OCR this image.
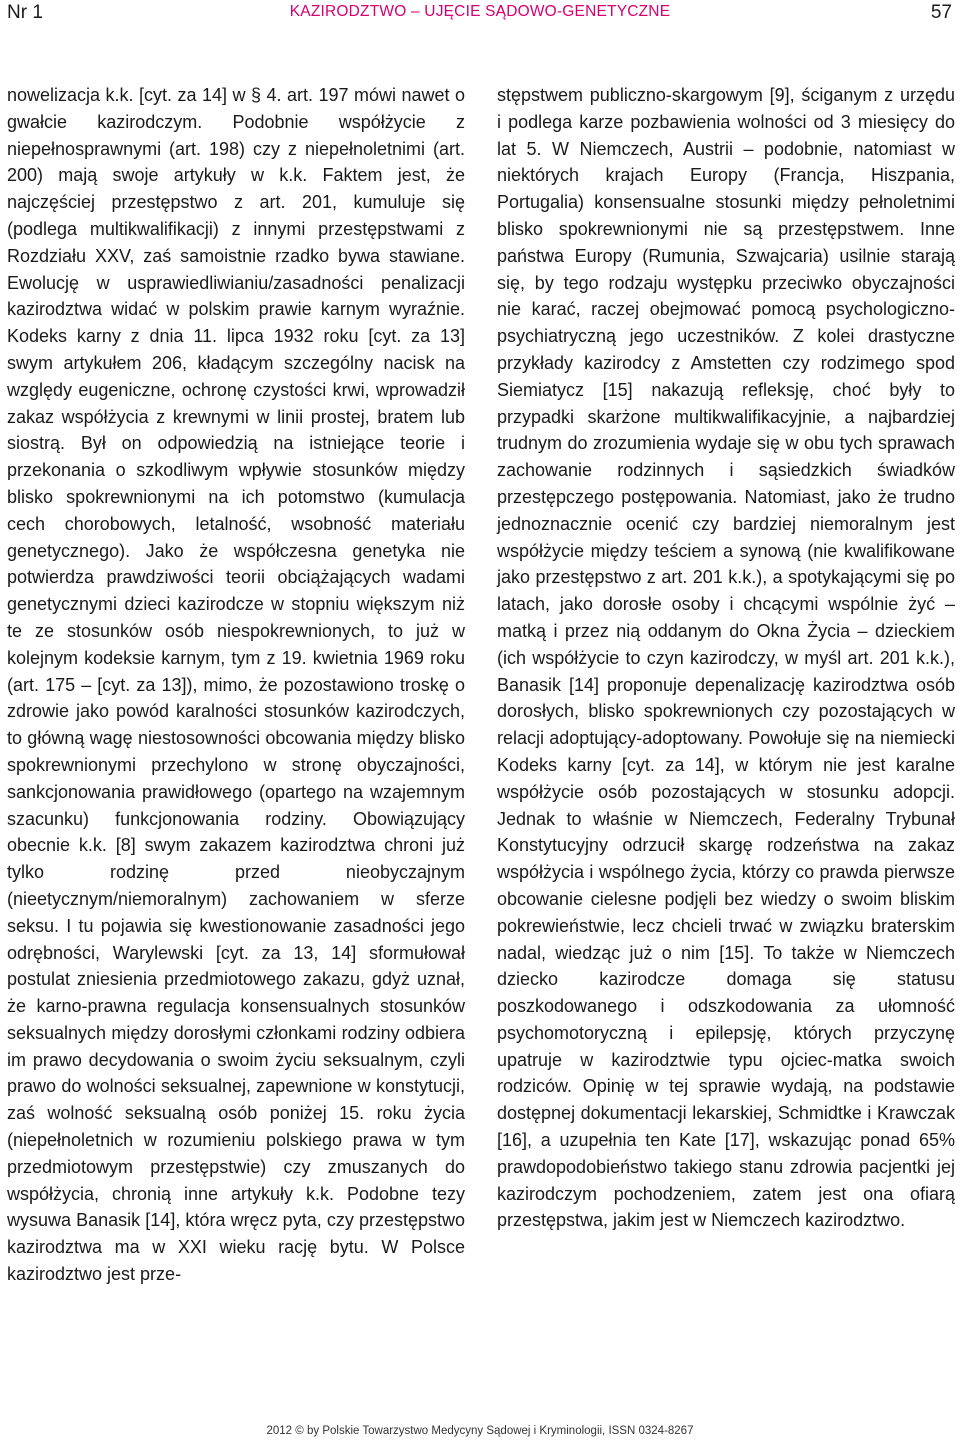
Nr 1	KAZIRODZTWO – UJĘCIE SĄDOWO-GENETYCZNE	57
nowelizacja k.k. [cyt. za 14] w § 4. art. 197 mówi nawet o gwałcie kazirodczym. Podobnie współżycie z niepełnosprawnymi (art. 198) czy z niepełnoletnimi (art. 200) mają swoje artykuły w k.k. Faktem jest, że najczęściej przestępstwo z art. 201, kumuluje się (podlega multikwalifikacji) z innymi przestępstwami z Rozdziału XXV, zaś samoistnie rzadko bywa stawiane. Ewolucję w usprawiedliwianiu/zasadności penalizacji kazirodztwa widać w polskim prawie karnym wyraźnie. Kodeks karny z dnia 11. lipca 1932 roku [cyt. za 13] swym artykułem 206, kładącym szczególny nacisk na względy eugeniczne, ochronę czystości krwi, wprowadził zakaz współżycia z krewnymi w linii prostej, bratem lub siostrą. Był on odpowiedzią na istniejące teorie i przekonania o szkodliwym wpływie stosunków między blisko spokrewnionymi na ich potomstwo (kumulacja cech chorobowych, letalność, wsobność materiału genetycznego). Jako że współczesna genetyka nie potwierdza prawdziwości teorii obciążających wadami genetycznymi dzieci kazirodcze w stopniu większym niż te ze stosunków osób niespokrewnionych, to już w kolejnym kodeksie karnym, tym z 19. kwietnia 1969 roku (art. 175 – [cyt. za 13]), mimo, że pozostawiono troskę o zdrowie jako powód karalności stosunków kazirodczych, to główną wagę niestosowności obcowania między blisko spokrewnionymi przechylono w stronę obyczajności, sankcjonowania prawidłowego (opartego na wzajemnym szacunku) funkcjonowania rodziny. Obowiązujący obecnie k.k. [8] swym zakazem kazirodztwa chroni już tylko rodzinę przed nieobyczajnym (nieetycznym/niemoralnym) zachowaniem w sferze seksu. I tu pojawia się kwestionowanie zasadności jego odrębności, Warylewski [cyt. za 13, 14] sformułował postulat zniesienia przedmiotowego zakazu, gdyż uznał, że karno-prawna regulacja konsensualnych stosunków seksualnych między dorosłymi członkami rodziny odbiera im prawo decydowania o swoim życiu seksualnym, czyli prawo do wolności seksualnej, zapewnione w konstytucji, zaś wolność seksualną osób poniżej 15. roku życia (niepełnoletnich w rozumieniu polskiego prawa w tym przedmiotowym przestępstwie) czy zmuszanych do współżycia, chronią inne artykuły k.k. Podobne tezy wysuwa Banasik [14], która wręcz pyta, czy przestępstwo kazirodztwa ma w XXI wieku rację bytu. W Polsce kazirodztwo jest prze-
stępstwem publiczno-skargowym [9], ściganym z urzędu i podlega karze pozbawienia wolności od 3 miesięcy do lat 5. W Niemczech, Austrii – podobnie, natomiast w niektórych krajach Europy (Francja, Hiszpania, Portugalia) konsensualne stosunki między pełnoletnimi blisko spokrewnionymi nie są przestępstwem. Inne państwa Europy (Rumunia, Szwajcaria) usilnie starają się, by tego rodzaju występku przeciwko obyczajności nie karać, raczej obejmować pomocą psychologiczno-psychiatryczną jego uczestników. Z kolei drastyczne przykłady kazirodcy z Amstetten czy rodzimego spod Siemiatycz [15] nakazują refleksję, choć były to przypadki skarżone multikwalifikacyjnie, a najbardziej trudnym do zrozumienia wydaje się w obu tych sprawach zachowanie rodzinnych i sąsiedzkich świadków przestępczego postępowania. Natomiast, jako że trudno jednoznacznie ocenić czy bardziej niemoralnym jest współżycie między teściem a synową (nie kwalifikowane jako przestępstwo z art. 201 k.k.), a spotykającymi się po latach, jako dorosłe osoby i chcącymi wspólnie żyć – matką i przez nią oddanym do Okna Życia – dzieckiem (ich współżycie to czyn kazirodczy, w myśl art. 201 k.k.), Banasik [14] proponuje depenalizację kazirodztwa osób dorosłych, blisko spokrewnionych czy pozostających w relacji adoptujący-adoptowany. Powołuje się na niemiecki Kodeks karny [cyt. za 14], w którym nie jest karalne współżycie osób pozostających w stosunku adopcji. Jednak to właśnie w Niemczech, Federalny Trybunał Konstytucyjny odrzucił skargę rodzeństwa na zakaz współżycia i wspólnego życia, którzy co prawda pierwsze obcowanie cielesne podjęli bez wiedzy o swoim bliskim pokrewieństwie, lecz chcieli trwać w związku braterskim nadal, wiedząc już o nim [15]. To także w Niemczech dziecko kazirodcze domaga się statusu poszkodowanego i odszkodowania za ułomność psychomotoryczną i epilepsję, których przyczynę upatruje w kazirodztwie typu ojciec-matka swoich rodziców. Opinię w tej sprawie wydają, na podstawie dostępnej dokumentacji lekarskiej, Schmidtke i Krawczak [16], a uzupełnia ten Kate [17], wskazując ponad 65% prawdopodobieństwo takiego stanu zdrowia pacjentki jej kazirodczym pochodzeniem, zatem jest ona ofiarą przestępstwa, jakim jest w Niemczech kazirodztwo.
2012 © by Polskie Towarzystwo Medycyny Sądowej i Kryminologii, ISSN 0324-8267
